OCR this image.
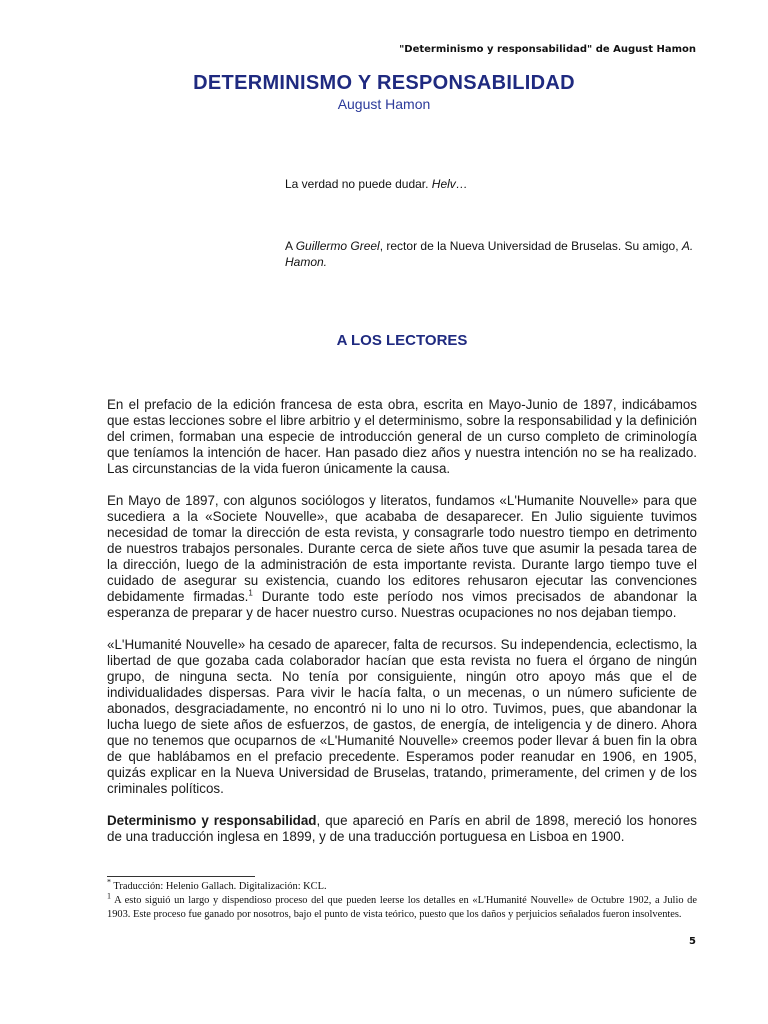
"Determinismo y responsabilidad" de August Hamon
DETERMINISMO Y RESPONSABILIDAD
August Hamon
La verdad no puede dudar. Helv…
A Guillermo Greel, rector de la Nueva Universidad de Bruselas. Su amigo, A. Hamon.
A LOS LECTORES

En el prefacio de la edición francesa de esta obra, escrita en Mayo-Junio de 1897, indicábamos que estas lecciones sobre el libre arbitrio y el determinismo, sobre la responsabilidad y la definición del crimen, formaban una especie de introducción general de un curso completo de criminología que teníamos la intención de hacer. Han pasado diez años y nuestra intención no se ha realizado. Las circunstancias de la vida fueron únicamente la causa.

En Mayo de 1897, con algunos sociólogos y literatos, fundamos «L'Humanite Nouvelle» para que sucediera a la «Societe Nouvelle», que acababa de desaparecer. En Julio siguiente tuvimos necesidad de tomar la dirección de esta revista, y consagrarle todo nuestro tiempo en detrimento de nuestros trabajos personales. Durante cerca de siete años tuve que asumir la pesada tarea de la dirección, luego de la administración de esta importante revista. Durante largo tiempo tuve el cuidado de asegurar su existencia, cuando los editores rehusaron ejecutar las convenciones debidamente firmadas.$^1$ Durante todo este período nos vimos precisados de abandonar la esperanza de preparar y de hacer nuestro curso. Nuestras ocupaciones no nos dejaban tiempo.

«L'Humanité Nouvelle» ha cesado de aparecer, falta de recursos. Su independencia, eclectismo, la libertad de que gozaba cada colaborador hacían que esta revista no fuera el órgano de ningún grupo, de ninguna secta. No tenía por consiguiente, ningún otro apoyo más que el de individualidades dispersas. Para vivir le hacía falta, o un mecenas, o un número suficiente de abonados, desgraciadamente, no encontró ni lo uno ni lo otro. Tuvimos, pues, que abandonar la lucha luego de siete años de esfuerzos, de gastos, de energía, de inteligencia y de dinero. Ahora que no tenemos que ocuparnos de «L'Humanité Nouvelle» creemos poder llevar á buen fin la obra de que hablábamos en el prefacio precedente. Esperamos poder reanudar en 1906, en 1905, quizás explicar en la Nueva Universidad de Bruselas, tratando, primeramente, del crimen y de los criminales políticos.

Determinismo y responsabilidad, que apareció en París en abril de 1898, mereció los honores de una traducción inglesa en 1899, y de una traducción portuguesa en Lisboa en 1900.

* Traducción: Helenio Gallach. Digitalización: KCL.

$^1$ A esto siguió un largo y dispendioso proceso del que pueden leerse los detalles en «L'Humanité Nouvelle» de Octubre 1902, a Julio de 1903. Este proceso fue ganado por nosotros, bajo el punto de vista teórico, puesto que los daños y perjuicios señalados fueron insolventes.

5
